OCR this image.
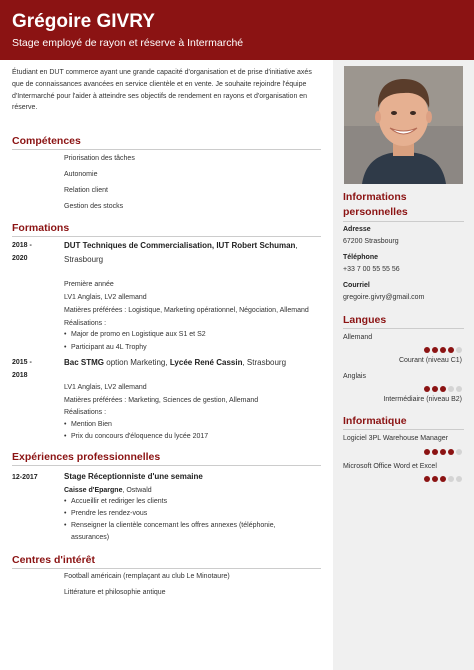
Grégoire GIVRY
Stage employé de rayon et réserve à Intermarché
Étudiant en DUT commerce ayant une grande capacité d'organisation et de prise d'initiative axés
que de connaissances avancées en service clientèle et en vente. Je souhaite rejoindre l'équipe
d'Intermarché pour l'aider à atteindre ses objectifs de rendement en rayons et d'organisation en
réserve.
Compétences
Priorisation des tâches
Autonomie
Relation client
Gestion des stocks
Formations
2018 -
2020
DUT Techniques de Commercialisation, IUT Robert Schuman,
Strasbourg
Première année
LV1 Anglais, LV2 allemand
Matières préférées : Logistique, Marketing opérationnel, Négociation, Allemand
Réalisations :
• Major de promo en Logistique aux S1 et S2
• Participant au 4L Trophy
2015 -
2018
Bac STMG option Marketing, Lycée René Cassin, Strasbourg
LV1 Anglais, LV2 allemand
Matières préférées : Marketing, Sciences de gestion, Allemand
Réalisations :
• Mention Bien
• Prix du concours d'éloquence du lycée 2017
Expériences professionnelles
12-2017	Stage Réceptionniste d'une semaine
Caisse d'Epargne, Ostwald
• Accueillir et rediriger les clients
• Prendre les rendez-vous
• Renseigner la clientèle concernant les offres annexes (téléphonie,
assurances)
Centres d'intérêt
Football américain (remplaçant au club Le Minotaure)
Littérature et philosophie antique
Informations
personnelles
Adresse
67200 Strasbourg
Téléphone
+33 7 00 55 55 56
Courriel
gregoire.givry@gmail.com
Langues
Allemand
Courant (niveau C1)
Anglais
Intermédiaire (niveau B2)
Informatique
Logiciel 3PL Warehouse Manager
Microsoft Office Word et Excel
